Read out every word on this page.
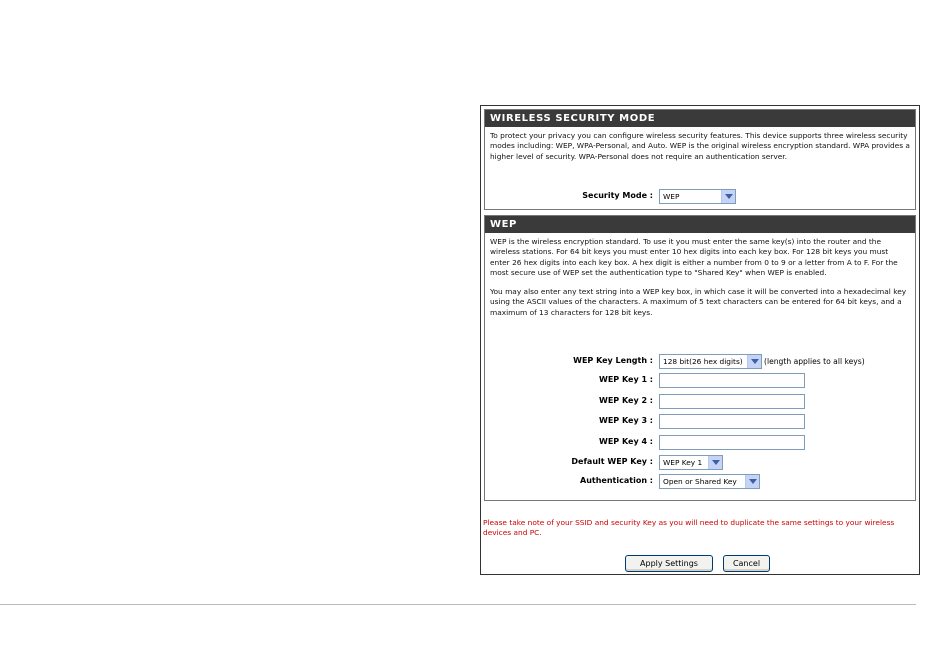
WIRELESS SECURITY MODE

To protect your privacy you can configure wireless security features. This device supports three wireless security modes including: WEP, WPA-Personal, and Auto. WEP is the original wireless encryption standard. WPA provides a higher level of security. WPA-Personal does not require an authentication server.

Security Mode :	WEP
WEP

WEP is the wireless encryption standard. To use it you must enter the same key(s) into the router and the wireless stations. For 64 bit keys you must enter 10 hex digits into each key box. For 128 bit keys you must enter 26 hex digits into each key box. A hex digit is either a number from 0 to 9 or a letter from A to F. For the most secure use of WEP set the authentication type to "Shared Key" when WEP is enabled.

You may also enter any text string into a WEP key box, in which case it will be converted into a hexadecimal key using the ASCII values of the characters. A maximum of 5 text characters can be entered for 64 bit keys, and a maximum of 13 characters for 128 bit keys.

WEP Key Length :	128 bit(26 hex digits)	$^{(length applies to all keys)}$
WEP Key 1 :
WEP Key 2 :
WEP Key 3 :
WEP Key 4 :
Default WEP Key :	WEP Key 1
Authentication :	Open or Shared Key

Please take note of your SSID and security Key as you will need to duplicate the same settings to your wireless devices and PC.

Apply Settings	Cancel
